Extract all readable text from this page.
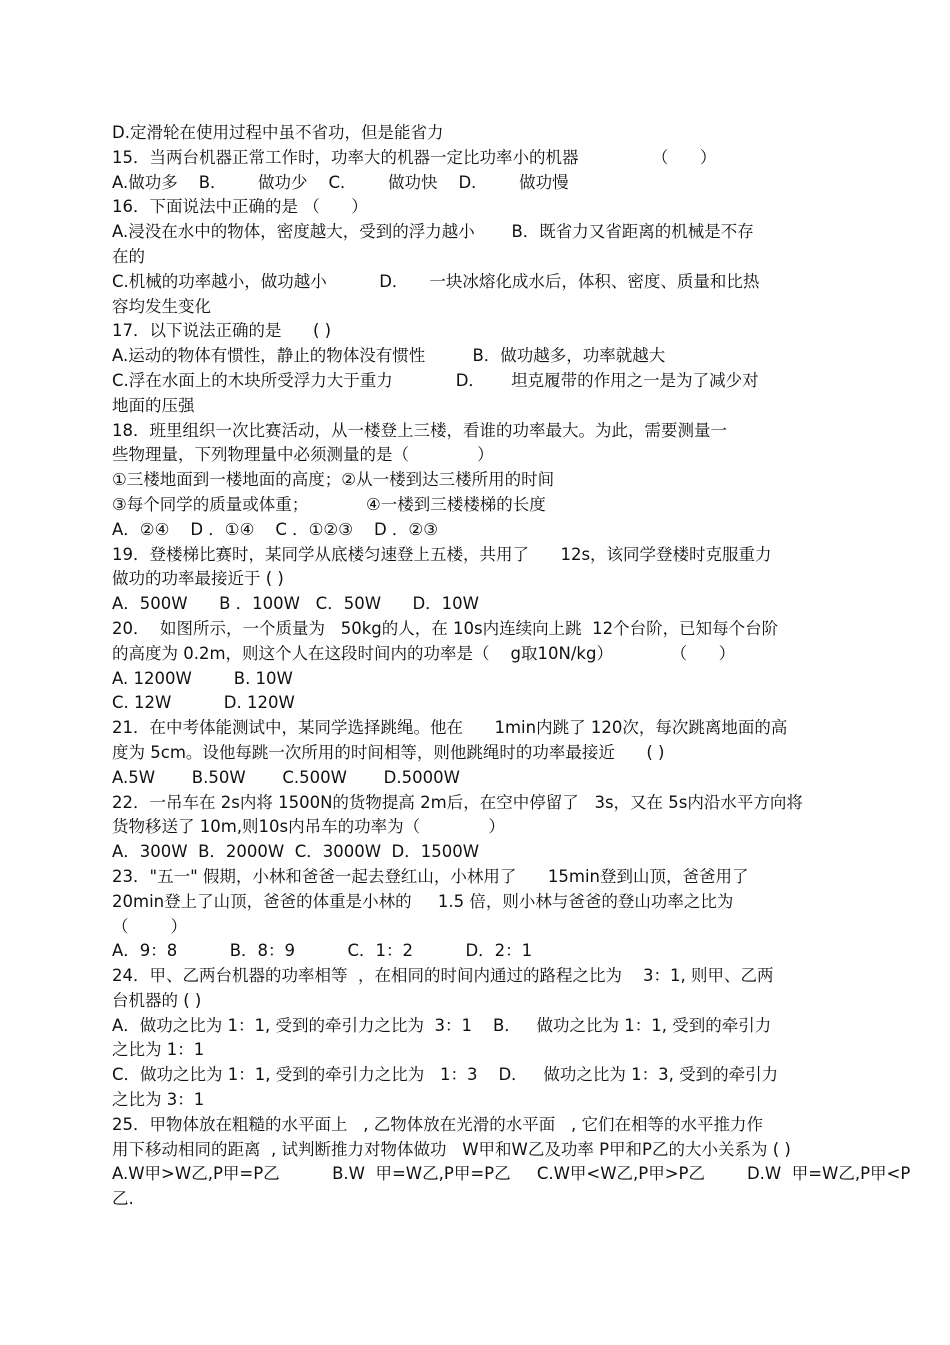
D.定滑轮在使用过程中虽不省功，但是能省力
15．当两台机器正常工作时，功率大的机器一定比功率小的机器              （      ）
A.做功多    B．      做功少    C．      做功快    D．      做功慢
16．下面说法中正确的是 （      ）
A.浸没在水中的物体，密度越大，受到的浮力越小       B．既省力又省距离的机械是不存
在的
C.机械的功率越小，做功越小          D．    一块冰熔化成水后，体积、密度、质量和比热
容均发生变化
17．以下说法正确的是      ( )
A.运动的物体有惯性，静止的物体没有惯性         B．做功越多，功率就越大
C.浮在水面上的木块所受浮力大于重力            D．     坦克履带的作用之一是为了减少对
地面的压强
18．班里组织一次比赛活动，从一楼登上三楼，看谁的功率最大。为此，需要测量一
些物理量，下列物理量中必须测量的是（             ）
①三楼地面到一楼地面的高度；②从一楼到达三楼所用的时间
③每个同学的质量或体重；           ④一楼到三楼楼梯的长度
A．②④    D ．①④    C ．①②③    D ．②③
19．登楼梯比赛时，某同学从底楼匀速登上五楼，共用了      12s，该同学登楼时克服重力
做功的功率最接近于 ( )
A．500W      B ．100W   C．50W      D．10W
20．  如图所示，一个质量为   50kg的人，在 10s内连续向上跳  12个台阶，已知每个台阶
的高度为 0.2m，则这个人在这段时间内的功率是（    g取10N/kg）           （      ）
A. 1200W        B. 10W
C. 12W          D. 120W
21．在中考体能测试中，某同学选择跳绳。他在      1min内跳了 120次，每次跳离地面的高
度为 5cm。设他每跳一次所用的时间相等，则他跳绳时的功率最接近      ( )
A.5W       B.50W       C.500W       D.5000W
22．一吊车在 2s内将 1500N的货物提高 2m后，在空中停留了   3s，又在 5s内沿水平方向将
货物移送了 10m,则10s内吊车的功率为（             ）
A．300W  B．2000W  C．3000W  D．1500W
23．"五一" 假期，小林和爸爸一起去登红山，小林用了      15min登到山顶，爸爸用了
20min登上了山顶，爸爸的体重是小林的     1.5 倍，则小林与爸爸的登山功率之比为
（        ）
A．9：8          B．8：9          C．1：2          D．2：1
24．甲、乙两台机器的功率相等  ，在相同的时间内通过的路程之比为    3：1, 则甲、乙两
台机器的 ( )
A．做功之比为 1：1, 受到的牵引力之比为  3：1    B．   做功之比为 1：1, 受到的牵引力
之比为 1：1
C．做功之比为 1：1, 受到的牵引力之比为   1：3    D．   做功之比为 1：3, 受到的牵引力
之比为 3：1
25．甲物体放在粗糙的水平面上   , 乙物体放在光滑的水平面   , 它们在相等的水平推力作
用下移动相同的距离  , 试判断推力对物体做功   W甲和W乙及功率 P甲和P乙的大小关系为 ( )
A.W甲>W乙,P甲=P乙          B.W  甲=W乙,P甲=P乙     C.W甲<W乙,P甲>P乙        D.W  甲=W乙,P甲<P
乙.
